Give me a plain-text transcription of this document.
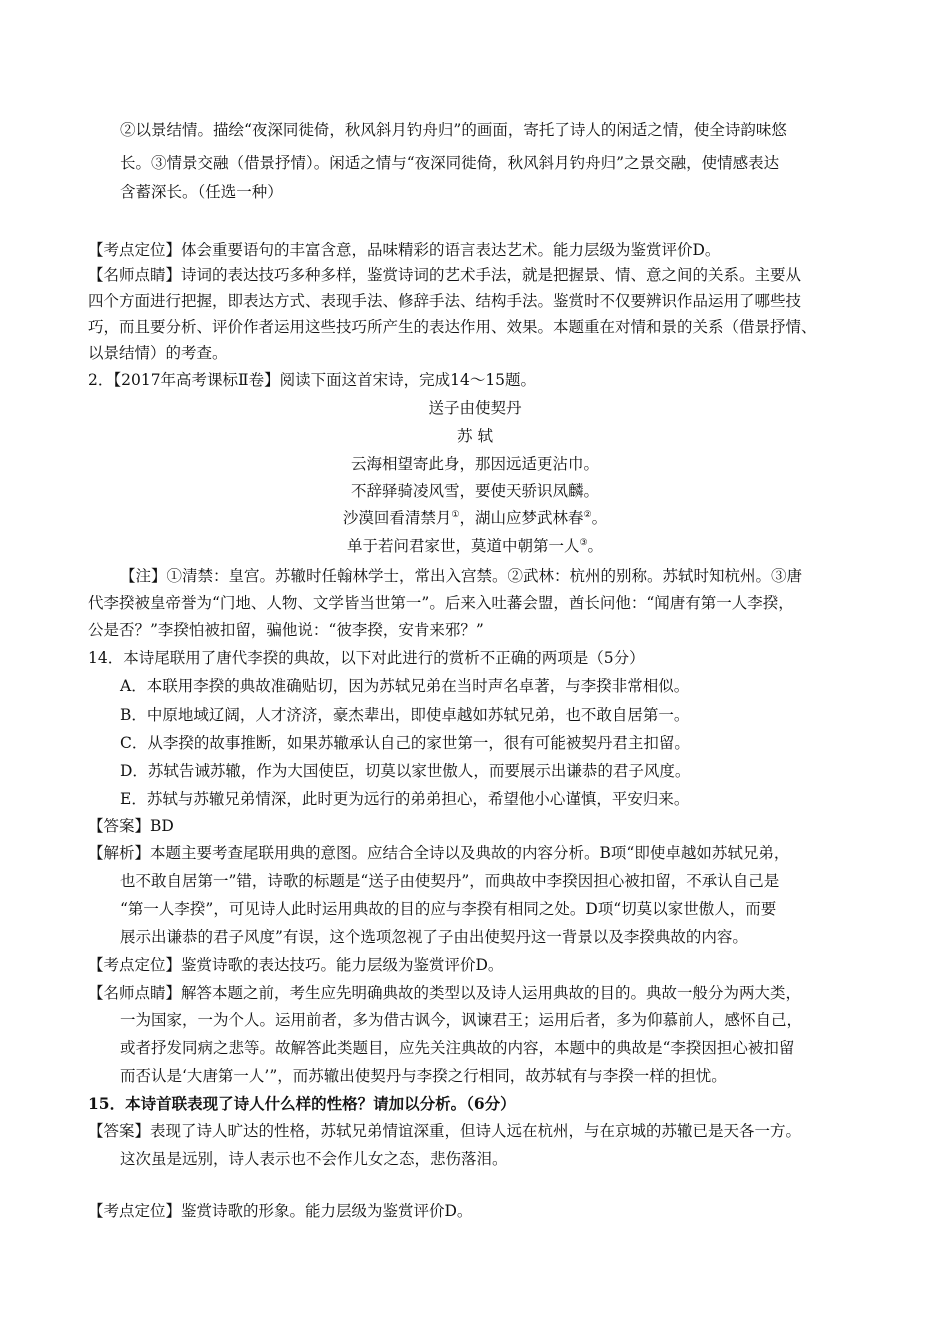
②以景结情。描绘“夜深同徙倚，秋风斜月钓舟归”的画面，寄托了诗人的闲适之情，使全诗韵味悠
长。③情景交融（借景抒情）。闲适之情与“夜深同徙倚，秋风斜月钓舟归”之景交融，使情感表达
含蓄深长。（任选一种）
【考点定位】体会重要语句的丰富含意，品味精彩的语言表达艺术。能力层级为鉴赏评价D。
【名师点睛】诗词的表达技巧多种多样，鉴赏诗词的艺术手法，就是把握景、情、意之间的关系。主要从
四个方面进行把握，即表达方式、表现手法、修辞手法、结构手法。鉴赏时不仅要辨识作品运用了哪些技
巧，而且要分析、评价作者运用这些技巧所产生的表达作用、效果。本题重在对情和景的关系（借景抒情、
以景结情）的考查。
2．【2017年高考课标Ⅱ卷】阅读下面这首宋诗，完成14～15题。
送子由使契丹
苏 轼
云海相望寄此身，那因远适更沾巾。
不辞驿骑凌风雪，要使天骄识凤麟。
沙漠回看清禁月①，湖山应梦武林春②。
单于若问君家世，莫道中朝第一人③。
【注】①清禁：皇宫。苏辙时任翰林学士，常出入宫禁。②武林：杭州的别称。苏轼时知杭州。③唐
代李揆被皇帝誉为“门地、人物、文学皆当世第一”。后来入吐蕃会盟，酋长问他：“闻唐有第一人李揆，
公是否？”李揆怕被扣留，骗他说：“彼李揆，安肯来邪？”
14．本诗尾联用了唐代李揆的典故，以下对此进行的赏析不正确的两项是（5分）
A．本联用李揆的典故准确贴切，因为苏轼兄弟在当时声名卓著，与李揆非常相似。
B．中原地域辽阔，人才济济，豪杰辈出，即使卓越如苏轼兄弟，也不敢自居第一。
C．从李揆的故事推断，如果苏辙承认自己的家世第一，很有可能被契丹君主扣留。
D．苏轼告诫苏辙，作为大国使臣，切莫以家世傲人，而要展示出谦恭的君子风度。
E．苏轼与苏辙兄弟情深，此时更为远行的弟弟担心，希望他小心谨慎，平安归来。
【答案】BD
【解析】本题主要考查尾联用典的意图。应结合全诗以及典故的内容分析。B项“即使卓越如苏轼兄弟，
也不敢自居第一”错，诗歌的标题是“送子由使契丹”，而典故中李揆因担心被扣留，不承认自己是
“第一人李揆”，可见诗人此时运用典故的目的应与李揆有相同之处。D项“切莫以家世傲人，而要
展示出谦恭的君子风度”有误，这个选项忽视了子由出使契丹这一背景以及李揆典故的内容。
【考点定位】鉴赏诗歌的表达技巧。能力层级为鉴赏评价D。
【名师点睛】解答本题之前，考生应先明确典故的类型以及诗人运用典故的目的。典故一般分为两大类，
一为国家，一为个人。运用前者，多为借古讽今，讽谏君王；运用后者，多为仰慕前人，感怀自己，
或者抒发同病之悲等。故解答此类题目，应先关注典故的内容，本题中的典故是“李揆因担心被扣留
而否认是‘大唐第一人’”，而苏辙出使契丹与李揆之行相同，故苏轼有与李揆一样的担忧。
15．本诗首联表现了诗人什么样的性格？请加以分析。（6分）
【答案】表现了诗人旷达的性格，苏轼兄弟情谊深重，但诗人远在杭州，与在京城的苏辙已是天各一方。
这次虽是远别，诗人表示也不会作儿女之态，悲伤落泪。
【考点定位】鉴赏诗歌的形象。能力层级为鉴赏评价D。
